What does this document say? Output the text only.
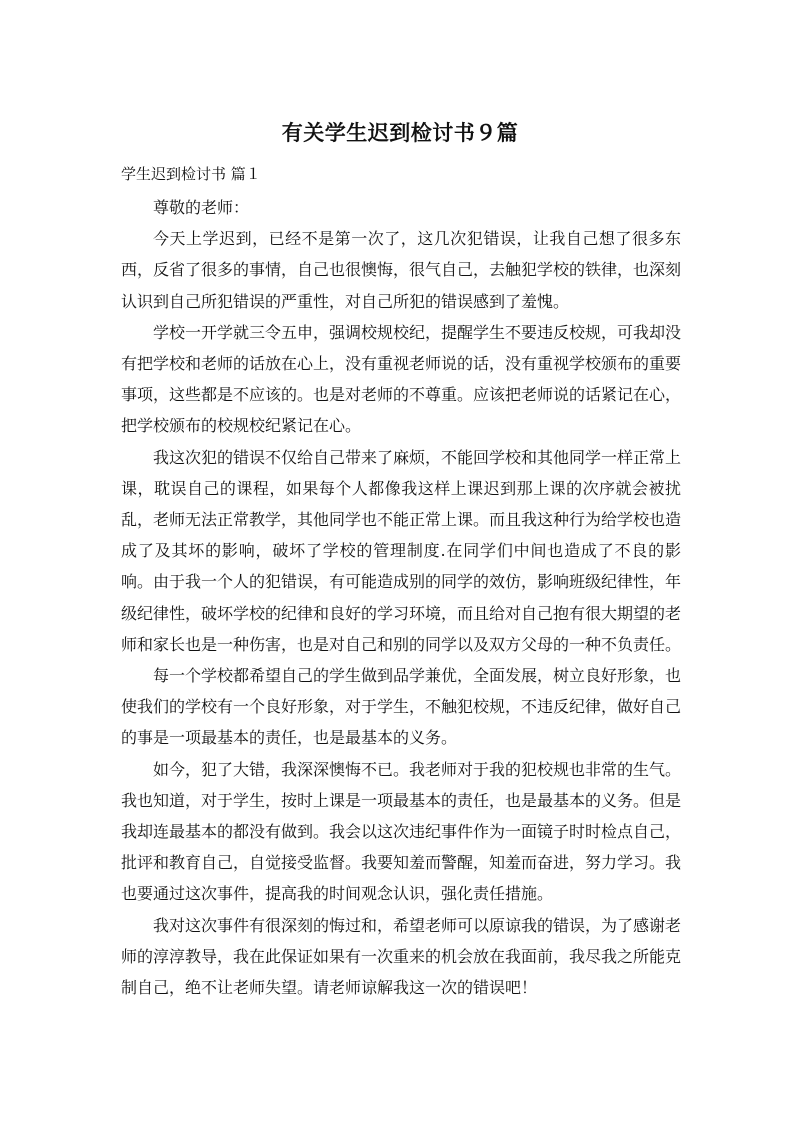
有关学生迟到检讨书９篇
学生迟到检讨书 篇１

尊敬的老师：

今天上学迟到，已经不是第一次了，这几次犯错误，让我自己想了很多东西，反省了很多的事情，自己也很懊悔，很气自己，去触犯学校的铁律，也深刻认识到自己所犯错误的严重性，对自己所犯的错误感到了羞愧。

学校一开学就三令五申，强调校规校纪，提醒学生不要违反校规，可我却没有把学校和老师的话放在心上，没有重视老师说的话，没有重视学校颁布的重要事项，这些都是不应该的。也是对老师的不尊重。应该把老师说的话紧记在心，把学校颁布的校规校纪紧记在心。

我这次犯的错误不仅给自己带来了麻烦，不能回学校和其他同学一样正常上课，耽误自己的课程，如果每个人都像我这样上课迟到那上课的次序就会被扰乱，老师无法正常教学，其他同学也不能正常上课。而且我这种行为给学校也造成了及其坏的影响，破坏了学校的管理制度.在同学们中间也造成了不良的影响。由于我一个人的犯错误，有可能造成别的同学的效仿，影响班级纪律性，年级纪律性，破坏学校的纪律和良好的学习环境，而且给对自己抱有很大期望的老师和家长也是一种伤害，也是对自己和别的同学以及双方父母的一种不负责任。

每一个学校都希望自己的学生做到品学兼优，全面发展，树立良好形象，也使我们的学校有一个良好形象，对于学生，不触犯校规，不违反纪律，做好自己的事是一项最基本的责任，也是最基本的义务。

如今，犯了大错，我深深懊悔不已。我老师对于我的犯校规也非常的生气。我也知道，对于学生，按时上课是一项最基本的责任，也是最基本的义务。但是我却连最基本的都没有做到。我会以这次违纪事件作为一面镜子时时检点自己，批评和教育自己，自觉接受监督。我要知羞而警醒，知羞而奋进，努力学习。我也要通过这次事件，提高我的时间观念认识，强化责任措施。

我对这次事件有很深刻的悔过和，希望老师可以原谅我的错误，为了感谢老师的淳淳教导，我在此保证如果有一次重来的机会放在我面前，我尽我之所能克制自己，绝不让老师失望。请老师谅解我这一次的错误吧！
